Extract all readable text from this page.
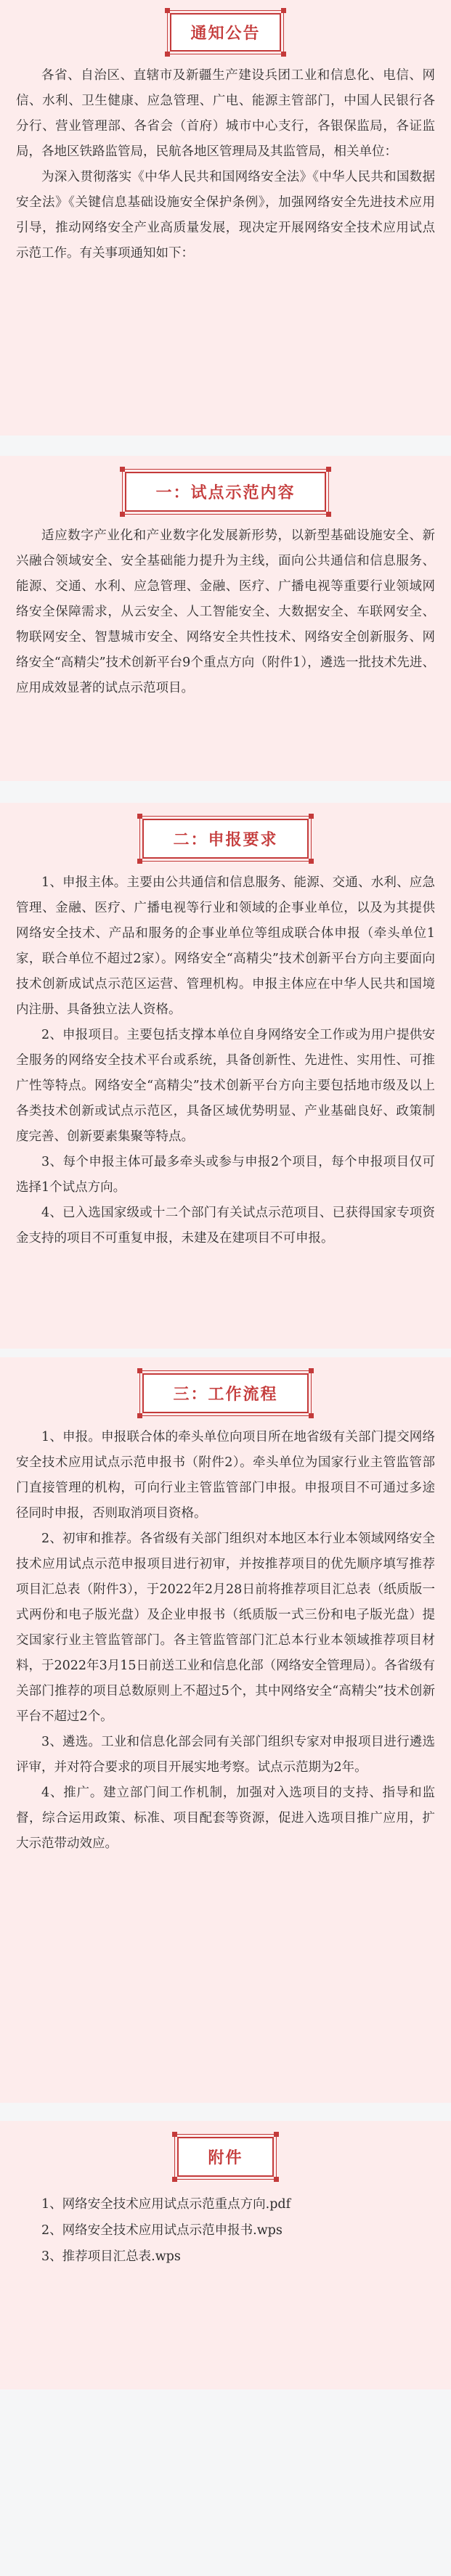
通知公告

各省、自治区、直辖市及新疆生产建设兵团工业和信息化、电信、网信、水利、卫生健康、应急管理、广电、能源主管部门，中国人民银行各分行、营业管理部、各省会（首府）城市中心支行，各银保监局，各证监局，各地区铁路监管局，民航各地区管理局及其监管局，相关单位：

为深入贯彻落实《中华人民共和国网络安全法》《中华人民共和国数据安全法》《关键信息基础设施安全保护条例》，加强网络安全先进技术应用引导，推动网络安全产业高质量发展，现决定开展网络安全技术应用试点示范工作。有关事项通知如下：

一：试点示范内容

适应数字产业化和产业数字化发展新形势，以新型基础设施安全、新兴融合领域安全、安全基础能力提升为主线，面向公共通信和信息服务、能源、交通、水利、应急管理、金融、医疗、广播电视等重要行业领域网络安全保障需求，从云安全、人工智能安全、大数据安全、车联网安全、物联网安全、智慧城市安全、网络安全共性技术、网络安全创新服务、网络安全“高精尖”技术创新平台9个重点方向（附件1），遴选一批技术先进、应用成效显著的试点示范项目。

二：申报要求

1、申报主体。主要由公共通信和信息服务、能源、交通、水利、应急管理、金融、医疗、广播电视等行业和领域的企事业单位，以及为其提供网络安全技术、产品和服务的企事业单位等组成联合体申报（牵头单位1家，联合单位不超过2家）。网络安全“高精尖”技术创新平台方向主要面向技术创新成试点示范区运营、管理机构。申报主体应在中华人民共和国境内注册、具备独立法人资格。

2、申报项目。主要包括支撑本单位自身网络安全工作或为用户提供安全服务的网络安全技术平台或系统，具备创新性、先进性、实用性、可推广性等特点。网络安全“高精尖”技术创新平台方向主要包括地市级及以上各类技术创新或试点示范区，具备区域优势明显、产业基础良好、政策制度完善、创新要素集聚等特点。

3、每个申报主体可最多牵头或参与申报2个项目，每个申报项目仅可选择1个试点方向。

4、已入选国家级或十二个部门有关试点示范项目、已获得国家专项资金支持的项目不可重复申报，未建及在建项目不可申报。

三：工作流程

1、申报。申报联合体的牵头单位向项目所在地省级有关部门提交网络安全技术应用试点示范申报书（附件2）。牵头单位为国家行业主管监管部门直接管理的机构，可向行业主管监管部门申报。申报项目不可通过多途径同时申报，否则取消项目资格。

2、初审和推荐。各省级有关部门组织对本地区本行业本领域网络安全技术应用试点示范申报项目进行初审，并按推荐项目的优先顺序填写推荐项目汇总表（附件3），于2022年2月28日前将推荐项目汇总表（纸质版一式两份和电子版光盘）及企业申报书（纸质版一式三份和电子版光盘）提交国家行业主管监管部门。各主管监管部门汇总本行业本领域推荐项目材料，于2022年3月15日前送工业和信息化部（网络安全管理局）。各省级有关部门推荐的项目总数原则上不超过5个，其中网络安全“高精尖”技术创新平台不超过2个。

3、遴选。工业和信息化部会同有关部门组织专家对申报项目进行遴选评审，并对符合要求的项目开展实地考察。试点示范期为2年。

4、推广。建立部门间工作机制，加强对入选项目的支持、指导和监督，综合运用政策、标准、项目配套等资源，促进入选项目推广应用，扩大示范带动效应。

附件
1、网络安全技术应用试点示范重点方向.pdf
2、网络安全技术应用试点示范申报书.wps
3、推荐项目汇总表.wps
